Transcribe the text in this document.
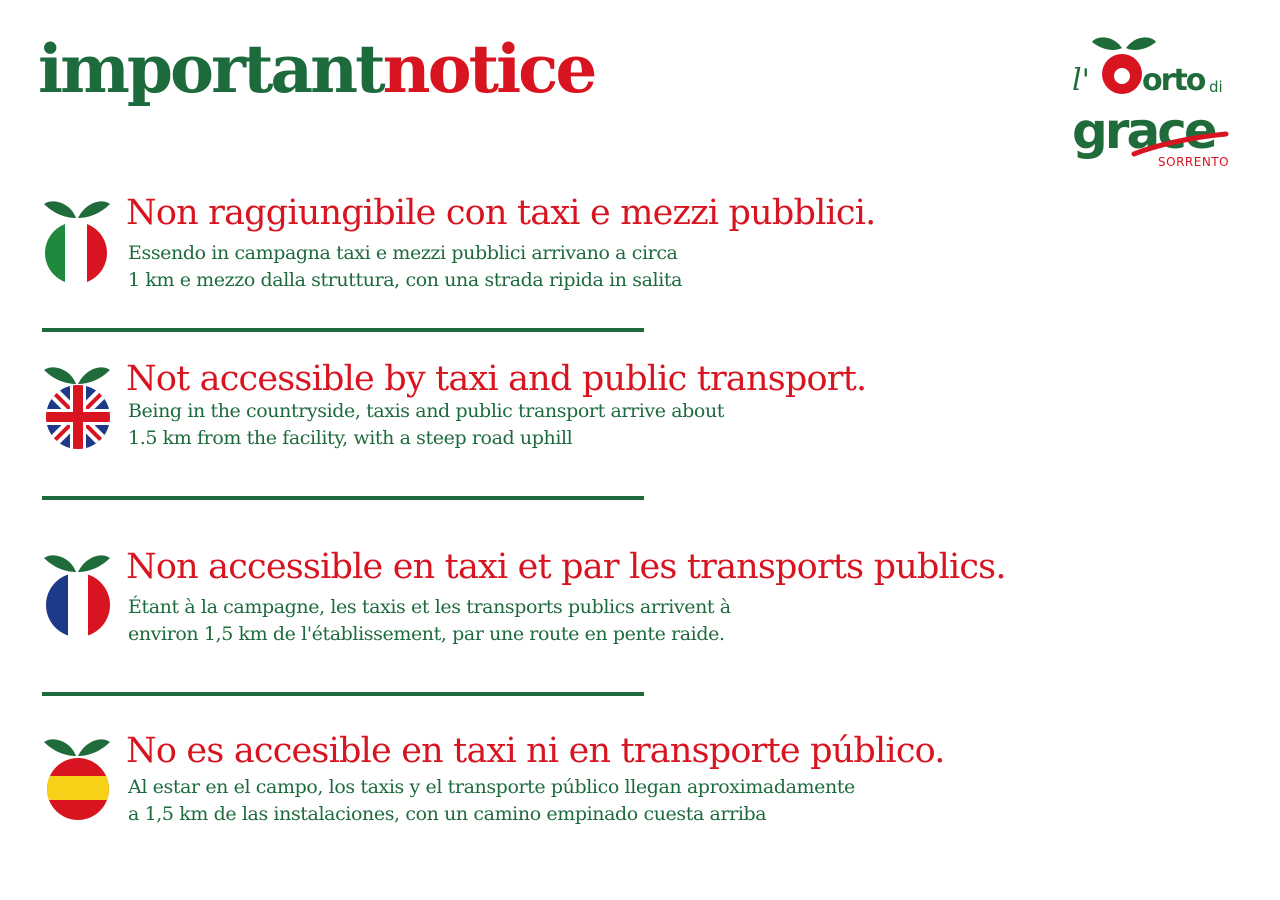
importantnotice	l' orto di
grace
SORRENTO
Non raggiungibile con taxi e mezzi pubblici.

Essendo in campagna taxi e mezzi pubblici arrivano a circa

1 km e mezzo dalla struttura, con una strada ripida in salita

Not accessible by taxi and public transport.

Being in the countryside, taxis and public transport arrive about

1.5 km from the facility, with a steep road uphill

Non accessible en taxi et par les transports publics.

Étant à la campagne, les taxis et les transports publics arrivent à

environ 1,5 km de l'établissement, par une route en pente raide.

No es accesible en taxi ni en transporte público.

Al estar en el campo, los taxis y el transporte público llegan aproximadamente

a 1,5 km de las instalaciones, con un camino empinado cuesta arriba
